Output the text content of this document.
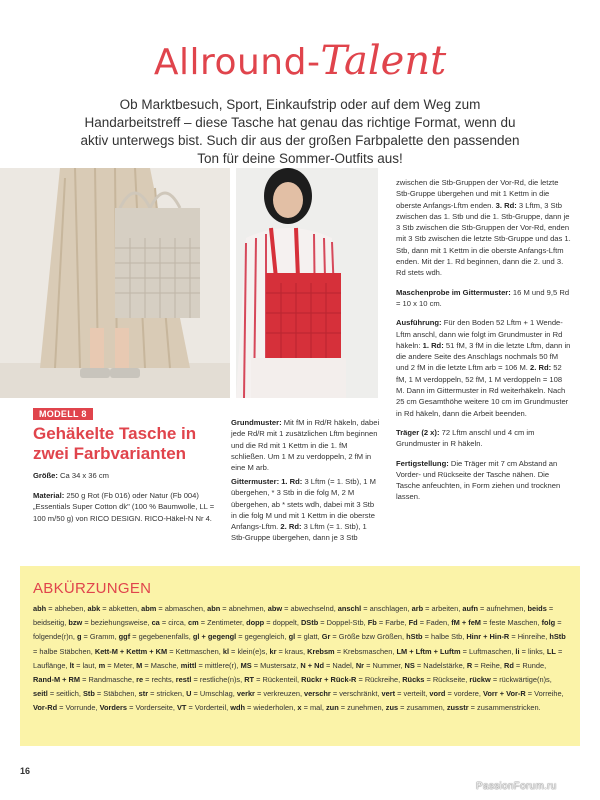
Allround-Talent
Ob Marktbesuch, Sport, Einkaufstrip oder auf dem Weg zum Handarbeitstreff – diese Tasche hat genau das richtige Format, wenn du aktiv unterwegs bist. Such dir aus der großen Farbpalette den passenden Ton für deine Sommer-Outfits aus!
MODELL 8
Gehäkelte Tasche in zwei Farbvarianten
Größe: Ca 34 x 36 cm
Material: 250 g Rot (Fb 016) oder Natur (Fb 004) „Essentials Super Cotton dk" (100 % Baumwolle, LL = 100 m/50 g) von RICO DESIGN. RICO-Häkel-N Nr 4.
Grundmuster: Mit fM in Rd/R häkeln, dabei jede Rd/R mit 1 zusätzlichen Lftm beginnen und die Rd mit 1 Kettm in die 1. fM schließen. Um 1 M zu verdoppeln, 2 fM in eine M arb.
Gittermuster: 1. Rd: 3 Lftm (= 1. Stb), 1 M übergehen, * 3 Stb in die folg M, 2 M übergehen, ab * stets wdh, dabei mit 3 Stb in die folg M und mit 1 Kettm in die oberste Anfangs-Lftm. 2. Rd: 3 Lftm (= 1. Stb), 1 Stb-Gruppe übergehen, dann je 3 Stb

zwischen die Stb-Gruppen der Vor-Rd, die letzte Stb-Gruppe übergehen und mit 1 Kettm in die oberste Anfangs-Lftm enden. 3. Rd: 3 Lftm, 3 Stb zwischen das 1. Stb und die 1. Stb-Gruppe, dann je 3 Stb zwischen die Stb-Gruppen der Vor-Rd, enden mit 3 Stb zwischen die letzte Stb-Gruppe und das 1. Stb, dann mit 1 Kettm in die oberste Anfangs-Lftm enden. Mit der 1. Rd beginnen, dann die 2. und 3. Rd stets wdh.

Maschenprobe im Gittermuster: 16 M und 9,5 Rd = 10 x 10 cm.

Ausführung: Für den Boden 52 Lftm + 1 Wende-Lftm anschl, dann wie folgt im Grundmuster in Rd häkeln: 1. Rd: 51 fM, 3 fM in die letzte Lftm, dann in die andere Seite des Anschlags nochmals 50 fM und 2 fM in die letzte Lftm arb = 106 M. 2. Rd: 52 fM, 1 M verdoppeln, 52 fM, 1 M verdoppeln = 108 M. Dann im Gittermuster in Rd weiterhäkeln. Nach 25 cm Gesamthöhe weitere 10 cm im Grundmuster in Rd häkeln, dann die Arbeit beenden.

Träger (2 x): 72 Lftm anschl und 4 cm im Grundmuster in R häkeln.

Fertigstellung: Die Träger mit 7 cm Abstand an Vorder- und Rückseite der Tasche nähen. Die Tasche anfeuchten, in Form ziehen und trocknen lassen.

ABKÜRZUNGEN
abh = abheben, abk = abketten, abm = abmaschen, abn = abnehmen, abw = abwechselnd, anschl = anschlagen, arb = arbeiten, aufn = aufnehmen, beids = beidseitig, bzw = beziehungsweise, ca = circa, cm = Zentimeter, dopp = doppelt, DStb = Doppel-Stb, Fb = Farbe, Fd = Faden, fM + feM = feste Maschen, folg = folgende(r)n, g = Gramm, ggf = gegebenenfalls, gl + gegengl = gegengleich, gl = glatt, Gr = Größe bzw Größen, hStb = halbe Stb, Hinr + Hin-R = Hinreihe, hStb = halbe Stäbchen, Kett-M + Kettm + KM = Kettmaschen, kl = klein(e)s, kr = kraus, Krebsm = Krebsmaschen, LM + Lftm + Luftm = Luftmaschen, li = links, LL = Lauflänge, lt = laut, m = Meter, M = Masche, mittl = mittlere(r), MS = Mustersatz, N + Nd = Nadel, Nr = Nummer, NS = Nadelstärke, R = Reihe, Rd = Runde, Rand-M + RM = Randmasche, re = rechts, restl = restliche(n)s, RT = Rückenteil, Rückr + Rück-R = Rückreihe, Rücks = Rückseite, rückw = rückwärtige(n)s, seitl = seitlich, Stb = Stäbchen, str = stricken, U = Umschlag, verkr = verkreuzen, verschr = verschränkt, vert = verteilt, vord = vordere, Vorr + Vor-R = Vorreihe, Vor-Rd = Vorrunde, Vorders = Vorderseite, VT = Vorderteil, wdh = wiederholen, x = mal, zun = zunehmen, zus = zusammen, zusstr = zusammenstricken.
16
PassionForum.ru
